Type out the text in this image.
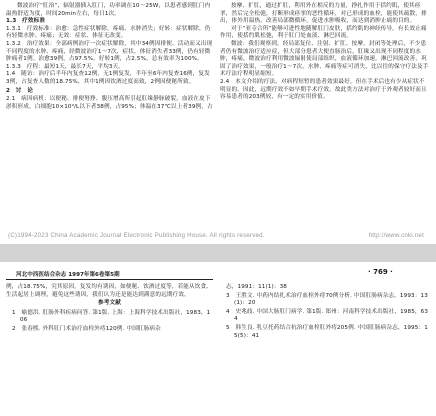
微波治疗“肛治”，辐射器插入肛门，功率调在10～25W，以患者感到肛门内温热舒适为度，时间20min左右，每日1次。

1.3　疗效标准

1.3.1　疗效标准：治愈：急性症状解除，疼痛、水肿消失；好转：症状解除，仍有轻微水肿、疼痛；无效：症状、体征无改变。

1.3.2　治疗效果：全部病例治疗一次症状解除，其中34例因排便、活动而又出现不同程度的水肿、疼痛，经微波治疗1～7次，症状、体征消失者33例，仍有轻微肿痛者1例。治愈39例，占97.5%，好转1例，占2.5%，总有效率为100%。

1.3.3　疗程：最短1天，最长7天，平均3天。

1.4　随访：治疗后半年内复查12例，无1例复发，半年至6年内复查16例，复发3例，占复查人数的18.75%，其中1例因饮酒过度而致，2例因便秘所致。

2　讨　论

2.1　病因病机：以便秘、排便努挣、腹压增高所引起肛缘静脉破裂，血液在皮下淤积形成。白细胞10×10⁹/L以下者38例，占95%；体温在37℃以上者39例，占

按摩、扩肛，通过扩肛，利用外在相反的力量，挣扎作用于括约肌，使其痉挛，然后完全松弛，打断形成痉挛的恶性循环，对已形成的血栓，能使其疏散，排出，体外用温热，改善局部微循环，促进水肿吸收，而达到消肿止痛的目的。

对于“亚寺合所”能够可进性地随解肛门皮肤，括约肌的神经传导，有长效止痛作用，使括约肌松弛，利于肛门处血液、淋巴回流。

微波：我们观察到，经局部复位、注射、扩肛、按摩，封闭等处理后，不少患者仍有微波治疗适应症，但大部分患者大便直肠治后，肛缘又出现不同程度的水肿，疼痛，微波治疗利用微波辐射使局部组织，血液循环加速，淋巴回流改善，巩固了治疗效果，一般治疗1～7次，水肿、疼痛等症可消失，比以往的保守疗法及手术疗法疗程明显缩短。

2.4　本文介绍的疗法，对病程短暂的患者效果最好，但在手术后也有少从症状不明显的。因此，远期疗效不如早期手术疗效，故此类方法对治疗于外观者较好而且容易患者的203例较，有一定的实用价值。

(C)1994-2023 China Academic Journal Electronic Publishing House. All rights reserved.	http://www.cnki.net
河北中西医结合杂志 1997年第6卷第5期	· 769 ·

例，占18.75%，究其原因，复发均有诱因，如便秘、饮酒过度等，若能从饮食、生活起居上调理，避免这些诱因，我们认为还是能达到满意的远期疗效。

参考文献

1　喻德洪. 肛肠外科疾病问答. 第1版. 上海：上海科学技术出版社，1983，106

2　张春熙. 外科肛门术治疗血栓外痔120例. 中国肛肠病杂

志，1991：11(1)：38

3　王胜文. 中药内结扎术治疗血栓外痔70例分析. 中国肛肠病杂志，1993：13(1)：20

4　史兆歧. 中国大肠肛门病学. 第1版. 郑州：河南科学技术出版社，1985，634

5　韩生良. 乳豆托药结合抗治疗血栓肛外痔205例. 中国肛肠病杂志，1995：15(5)：41
